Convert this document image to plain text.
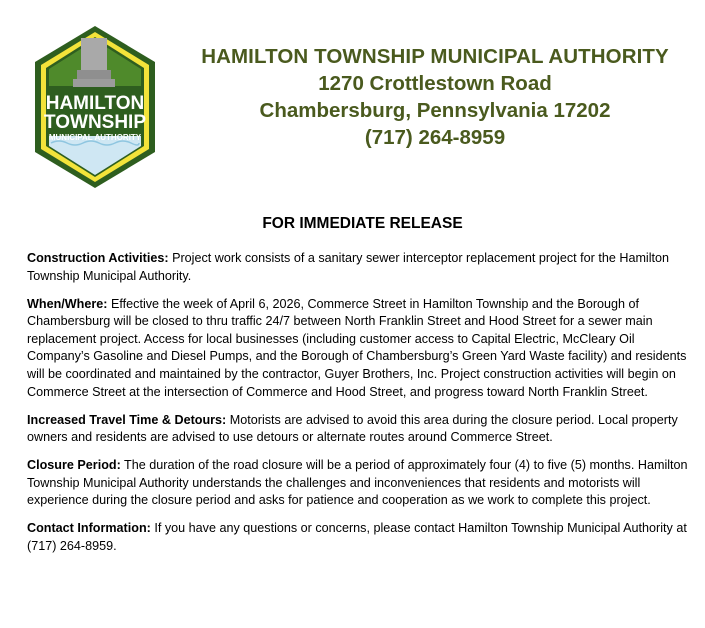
HAMILTON
TOWNSHIP
MUNICIPAL AUTHORITY
HAMILTON TOWNSHIP MUNICIPAL AUTHORITY
1270 Crottlestown Road
Chambersburg, Pennsylvania 17202
(717) 264-8959
FOR IMMEDIATE RELEASE

Construction Activities: Project work consists of a sanitary sewer interceptor replacement project for the Hamilton Township Municipal Authority.

When/Where: Effective the week of April 6, 2026, Commerce Street in Hamilton Township and the Borough of Chambersburg will be closed to thru traffic 24/7 between North Franklin Street and Hood Street for a sewer main replacement project. Access for local businesses (including customer access to Capital Electric, McCleary Oil Company’s Gasoline and Diesel Pumps, and the Borough of Chambersburg’s Green Yard Waste facility) and residents will be coordinated and maintained by the contractor, Guyer Brothers, Inc. Project construction activities will begin on Commerce Street at the intersection of Commerce and Hood Street, and progress toward North Franklin Street.

Increased Travel Time & Detours: Motorists are advised to avoid this area during the closure period. Local property owners and residents are advised to use detours or alternate routes around Commerce Street.

Closure Period: The duration of the road closure will be a period of approximately four (4) to five (5) months. Hamilton Township Municipal Authority understands the challenges and inconveniences that residents and motorists will experience during the closure period and asks for patience and cooperation as we work to complete this project.

Contact Information: If you have any questions or concerns, please contact Hamilton Township Municipal Authority at (717) 264-8959.
